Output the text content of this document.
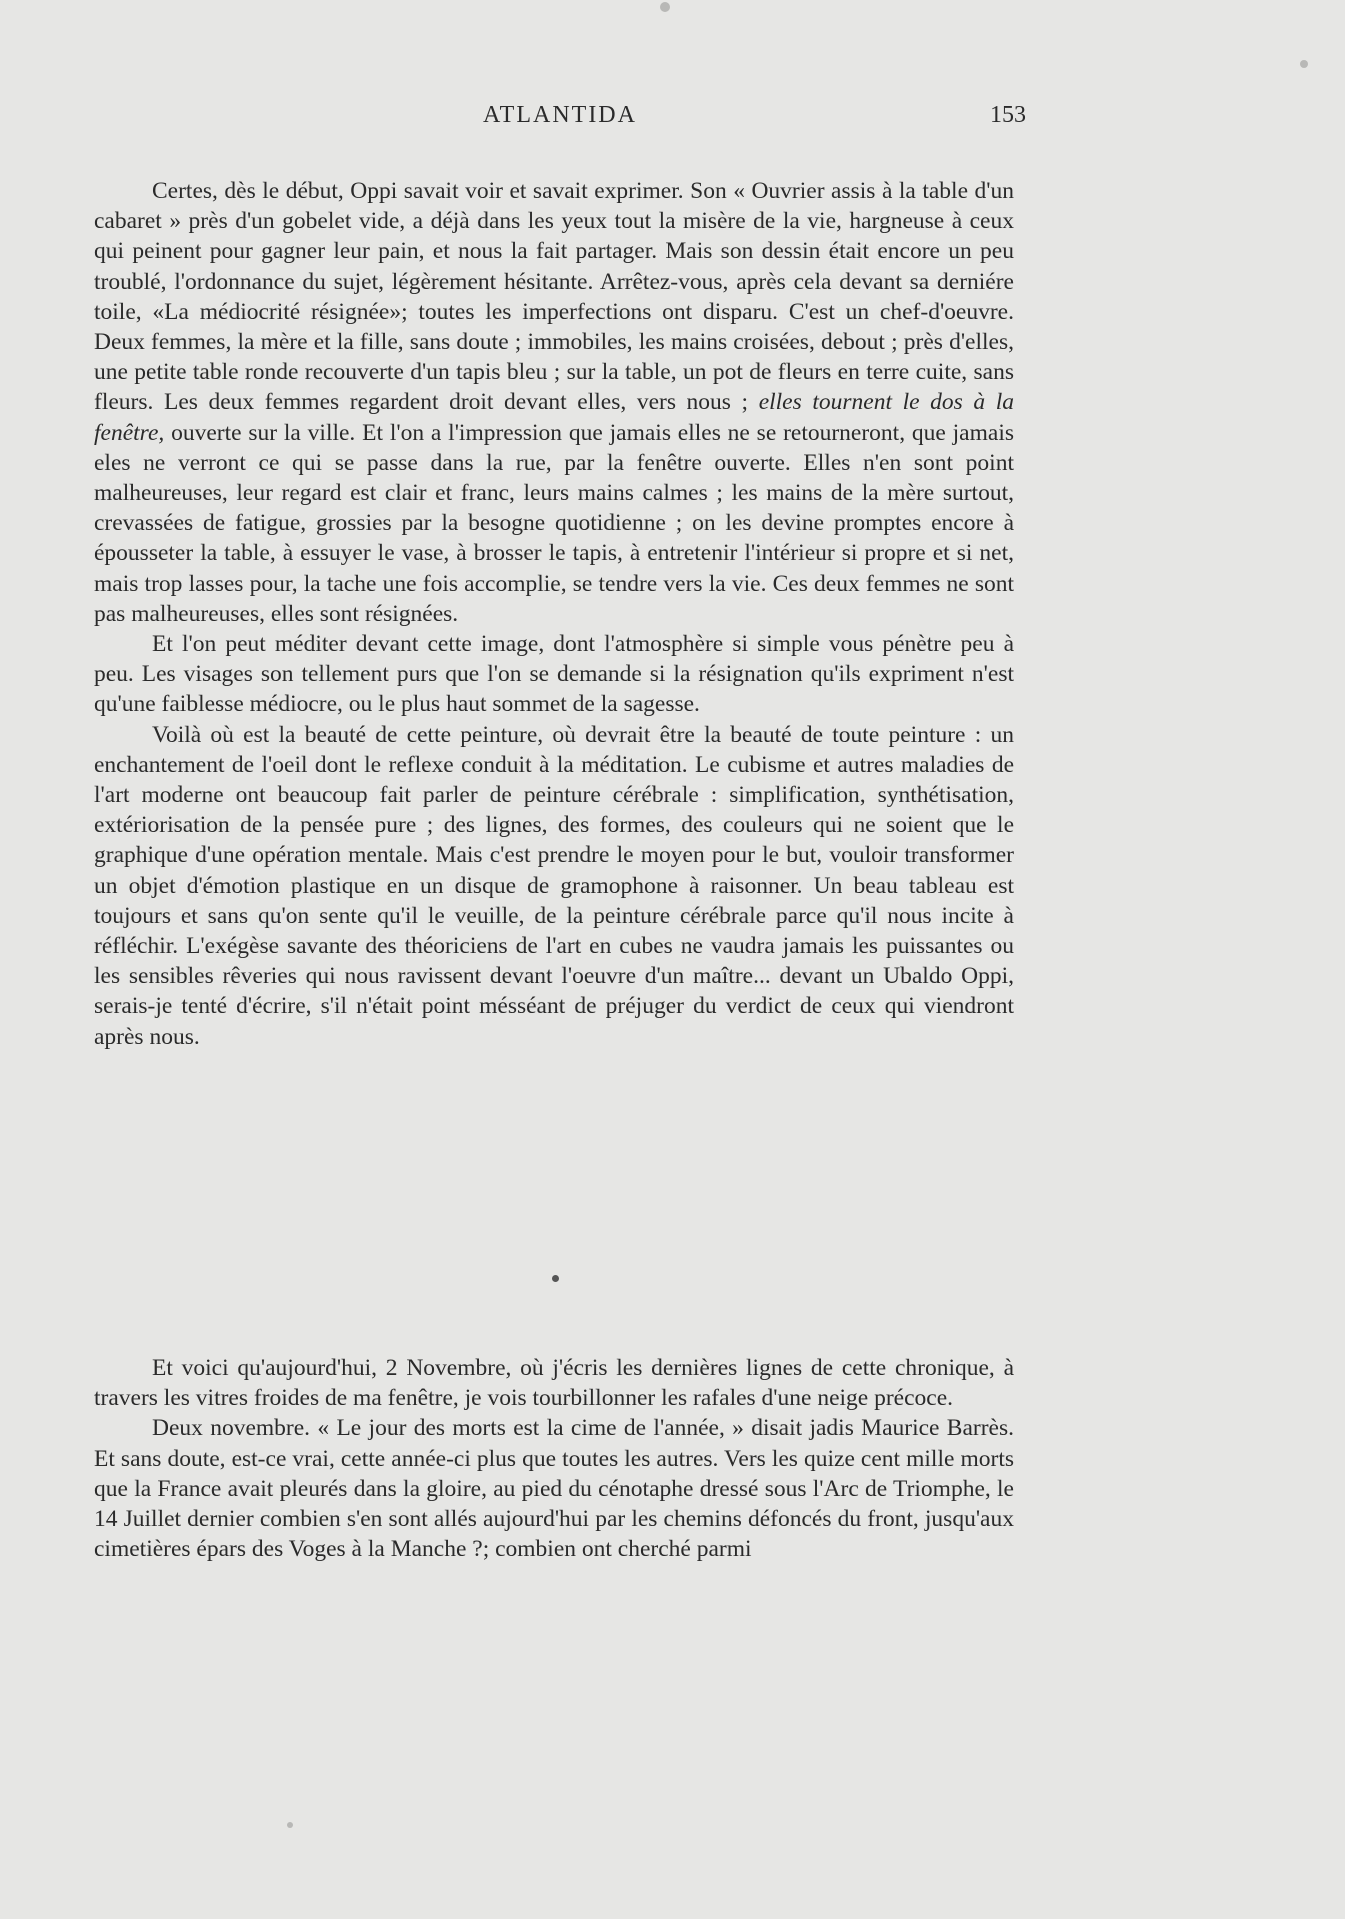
ATLANTIDA	153

Certes, dès le début, Oppi savait voir et savait exprimer. Son « Ouvrier assis à la table d'un cabaret » près d'un gobelet vide, a déjà dans les yeux tout la misère de la vie, hargneuse à ceux qui peinent pour gagner leur pain, et nous la fait partager. Mais son dessin était encore un peu troublé, l'ordonnance du sujet, légèrement hésitante. Arrêtez-vous, après cela devant sa derniére toile, «La médiocrité résignée»; toutes les imperfections ont disparu. C'est un chef-d'oeuvre. Deux femmes, la mère et la fille, sans doute ; immobiles, les mains croisées, debout ; près d'elles, une petite table ronde recouverte d'un tapis bleu ; sur la table, un pot de fleurs en terre cuite, sans fleurs. Les deux femmes regardent droit devant elles, vers nous ; elles tournent le dos à la fenêtre, ouverte sur la ville. Et l'on a l'impression que jamais elles ne se retourneront, que jamais eles ne verront ce qui se passe dans la rue, par la fenêtre ouverte. Elles n'en sont point malheureuses, leur regard est clair et franc, leurs mains calmes ; les mains de la mère surtout, crevassées de fatigue, grossies par la besogne quotidienne ; on les devine promptes encore à épousseter la table, à essuyer le vase, à brosser le tapis, à entretenir l'intérieur si propre et si net, mais trop lasses pour, la tache une fois accomplie, se tendre vers la vie. Ces deux femmes ne sont pas malheureuses, elles sont résignées.

Et l'on peut méditer devant cette image, dont l'atmosphère si simple vous pénètre peu à peu. Les visages son tellement purs que l'on se demande si la résignation qu'ils expriment n'est qu'une faiblesse médiocre, ou le plus haut sommet de la sagesse.

Voilà où est la beauté de cette peinture, où devrait être la beauté de toute peinture : un enchantement de l'oeil dont le reflexe conduit à la méditation. Le cubisme et autres maladies de l'art moderne ont beaucoup fait parler de peinture cérébrale : simplification, synthétisation, extériorisation de la pensée pure ; des lignes, des formes, des couleurs qui ne soient que le graphique d'une opération mentale. Mais c'est prendre le moyen pour le but, vouloir transformer un objet d'émotion plastique en un disque de gramophone à raisonner. Un beau tableau est toujours et sans qu'on sente qu'il le veuille, de la peinture cérébrale parce qu'il nous incite à réfléchir. L'exégèse savante des théoriciens de l'art en cubes ne vaudra jamais les puissantes ou les sensibles rêveries qui nous ravissent devant l'oeuvre d'un maître... devant un Ubaldo Oppi, serais-je tenté d'écrire, s'il n'était point mésséant de préjuger du verdict de ceux qui viendront après nous.

Et voici qu'aujourd'hui, 2 Novembre, où j'écris les dernières lignes de cette chronique, à travers les vitres froides de ma fenêtre, je vois tourbillonner les rafales d'une neige précoce.

Deux novembre. « Le jour des morts est la cime de l'année, » disait jadis Maurice Barrès. Et sans doute, est-ce vrai, cette année-ci plus que toutes les autres. Vers les quize cent mille morts que la France avait pleurés dans la gloire, au pied du cénotaphe dressé sous l'Arc de Triomphe, le 14 Juillet dernier combien s'en sont allés aujourd'hui par les chemins défoncés du front, jusqu'aux cimetières épars des Voges à la Manche ?; combien ont cherché parmi
